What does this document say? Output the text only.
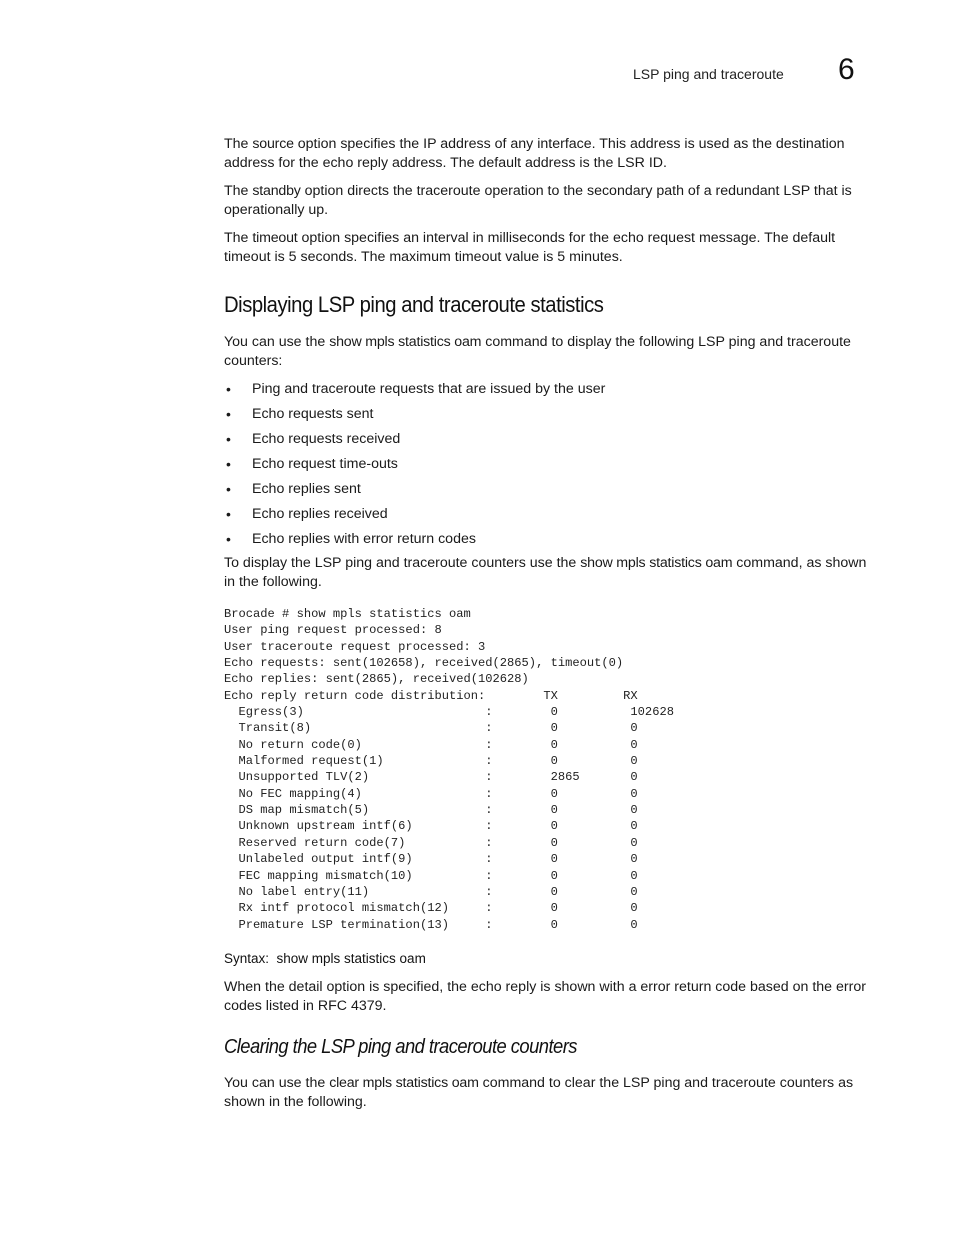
LSP ping and traceroute 6

The source option specifies the IP address of any interface. This address is used as the destination address for the echo reply address. The default address is the LSR ID.

The standby option directs the traceroute operation to the secondary path of a redundant LSP that is operationally up.

The timeout option specifies an interval in milliseconds for the echo request message. The default timeout is 5 seconds. The maximum timeout value is 5 minutes.

Displaying LSP ping and traceroute statistics

You can use the show mpls statistics oam command to display the following LSP ping and traceroute counters:

• Ping and traceroute requests that are issued by the user
• Echo requests sent
• Echo requests received
• Echo request time-outs
• Echo replies sent
• Echo replies received
• Echo replies with error return codes

To display the LSP ping and traceroute counters use the show mpls statistics oam command, as shown in the following.

Brocade # show mpls statistics oam
User ping request processed: 8
User traceroute request processed: 3
Echo requests: sent(102658), received(2865), timeout(0)
Echo replies: sent(2865), received(102628)
Echo reply return code distribution:        TX         RX
Egress(3)                         :        0          102628
Transit(8)                        :        0          0
No return code(0)                 :        0          0
Malformed request(1)              :        0          0
Unsupported TLV(2)                :        2865       0
No FEC mapping(4)                 :        0          0
DS map mismatch(5)                :        0          0
Unknown upstream intf(6)          :        0          0
Reserved return code(7)           :        0          0
Unlabeled output intf(9)          :        0          0
FEC mapping mismatch(10)          :        0          0
No label entry(11)                :        0          0
Rx intf protocol mismatch(12)     :        0          0
Premature LSP termination(13)     :        0          0
Syntax:  show mpls statistics oam

When the detail option is specified, the echo reply is shown with a error return code based on the error codes listed in RFC 4379.

Clearing the LSP ping and traceroute counters

You can use the clear mpls statistics oam command to clear the LSP ping and traceroute counters as shown in the following.
